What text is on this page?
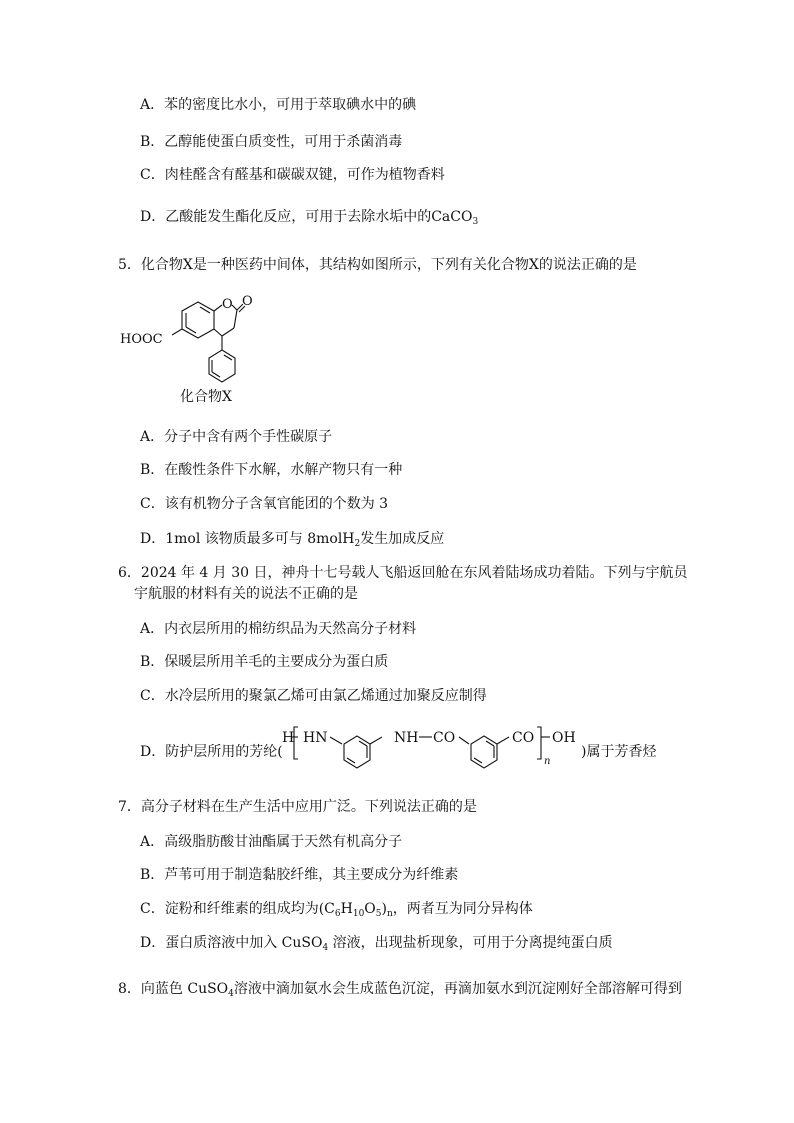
A．苯的密度比水小，可用于萃取碘水中的碘
B．乙醇能使蛋白质变性，可用于杀菌消毒
C．肉桂醛含有醛基和碳碳双键，可作为植物香料
D．乙酸能发生酯化反应，可用于去除水垢中的CaCO$_3$
5．化合物X是一种医药中间体，其结构如图所示，下列有关化合物X的说法正确的是
O O
HOOC
化合物X
A．分子中含有两个手性碳原子
B．在酸性条件下水解，水解产物只有一种
C．该有机物分子含氧官能团的个数为 3
D．1mol 该物质最多可与 8molH$_2$发生加成反应
6．2024 年 4 月 30 日，神舟十七号载人飞船返回舱在东风着陆场成功着陆。下列与宇航员
宇航服的材料有关的说法不正确的是
A．内衣层所用的棉纺织品为天然高分子材料
B．保暖层所用羊毛的主要成分为蛋白质
C．水冷层所用的聚氯乙烯可由氯乙烯通过加聚反应制得
D．防护层所用的芳纶(
H HN	NH CO	CO
n
OH
)属于芳香烃
7．高分子材料在生产生活中应用广泛。下列说法正确的是
A．高级脂肪酸甘油酯属于天然有机高分子
B．芦苇可用于制造黏胶纤维，其主要成分为纤维素
C．淀粉和纤维素的组成均为$(C_6H_{10}O_5)_n$，两者互为同分异构体
D．蛋白质溶液中加入 CuSO$_4$ 溶液，出现盐析现象，可用于分离提纯蛋白质
8．向蓝色 CuSO$_4$溶液中滴加氨水会生成蓝色沉淀，再滴加氨水到沉淀刚好全部溶解可得到
